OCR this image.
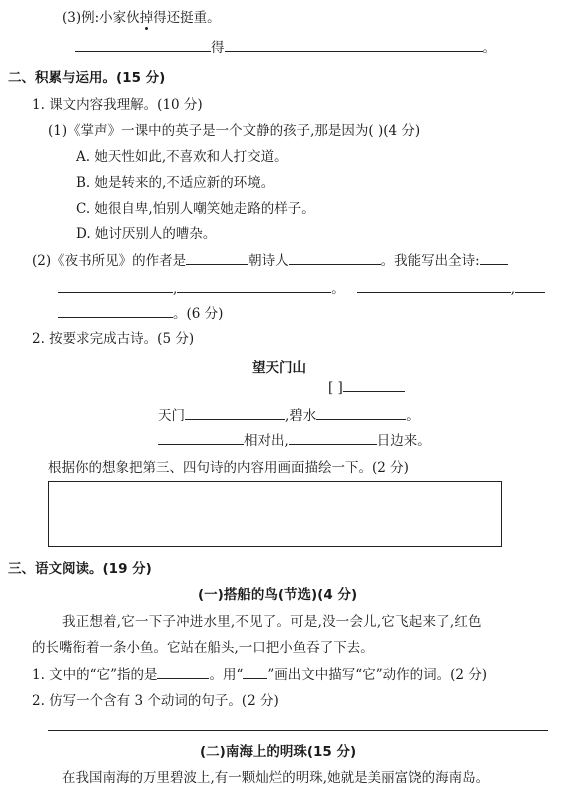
(3)例:小家伙掉得还挺重。
得	。
二、积累与运用。(15 分)
1. 课文内容我理解。(10 分)
(1)《掌声》一课中的英子是一个文静的孩子,那是因为( )(4 分)
A. 她天性如此,不喜欢和人打交道。
B. 她是转来的,不适应新的环境。
C. 她很自卑,怕别人嘲笑她走路的样子。
D. 她讨厌别人的嘈杂。
(2)《夜书所见》的作者是	朝诗人	。我能写出全诗:
,	。	,
。(6 分)
2. 按要求完成古诗。(5 分)
望天门山
[ ]
天门	,碧水	。
相对出,	日边来。
根据你的想象把第三、四句诗的内容用画面描绘一下。(2 分)
三、语文阅读。(19 分)
(一)搭船的鸟(节选)(4 分)
我正想着,它一下子冲进水里,不见了。可是,没一会儿,它飞起来了,红色
的长嘴衔着一条小鱼。它站在船头,一口把小鱼吞了下去。
1. 文中的“它”指的是	。用“ ”画出文中描写“它”动作的词。(2 分)
2. 仿写一个含有 3 个动词的句子。(2 分)
(二)南海上的明珠(15 分)
在我国南海的万里碧波上,有一颗灿烂的明珠,她就是美丽富饶的海南岛。
